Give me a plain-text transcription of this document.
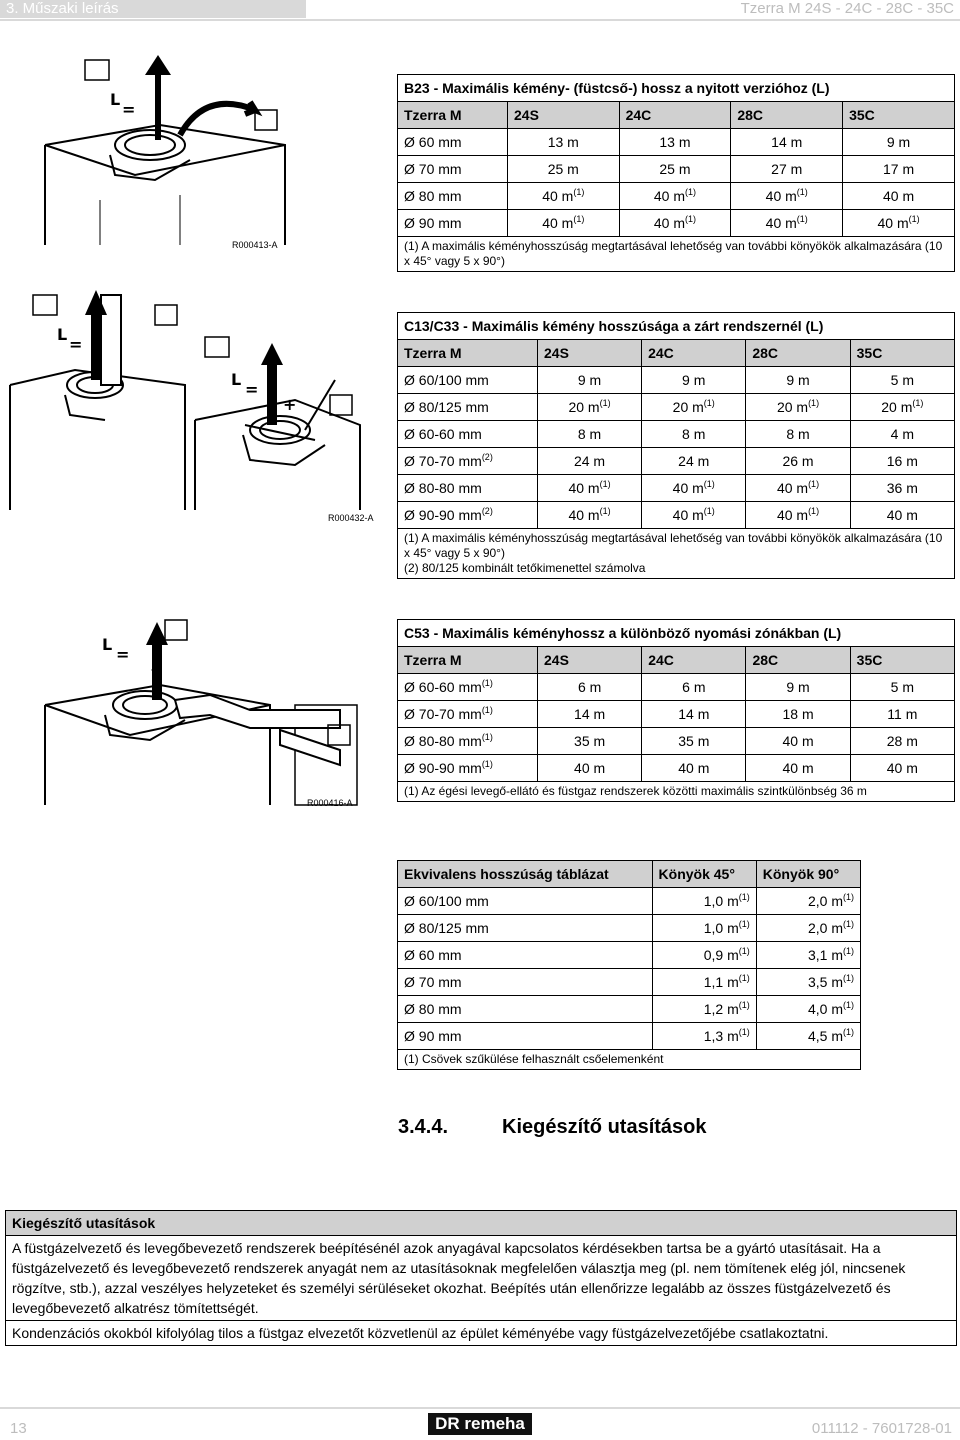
3. Műszaki leírás	Tzerra M 24S - 24C - 28C - 35C
L
=
R000413-A
L
=
L
=
+
R000432-A
L
=
+
R000416-A
B23 - Maximális kémény- (füstcső-) hossz a nyitott verzióhoz (L)				
Tzerra M	24S	24C	28C	35C
Ø 60 mm	13 m	13 m	14 m	9 m
Ø 70 mm	25 m	25 m	27 m	17 m
Ø 80 mm	40 $m^{(1)}$	40 $m^{(1)}$	40 $m^{(1)}$	40 m
Ø 90 mm	40 $m^{(1)}$	40 $m^{(1)}$	40 $m^{(1)}$	40 $m^{(1)}$
(1) A maximális kéményhosszúság megtartásával lehetőség van további könyökök alkalmazására (10 x 45° vagy 5 x 90°)				
C13/C33 - Maximális kémény hosszúsága a zárt rendszernél (L)				
Tzerra M	24S	24C	28C	35C
Ø 60/100 mm	9 m	9 m	9 m	5 m
Ø 80/125 mm	20 $m^{(1)}$	20 $m^{(1)}$	20 $m^{(1)}$	20 $m^{(1)}$
Ø 60-60 mm	8 m	8 m	8 m	4 m
Ø 70-70 $mm^{(2)}$	24 m	24 m	26 m	16 m
Ø 80-80 mm	40 $m^{(1)}$	40 $m^{(1)}$	40 $m^{(1)}$	36 m
Ø 90-90 $mm^{(2)}$	40 $m^{(1)}$	40 $m^{(1)}$	40 $m^{(1)}$	40 m

(1) A maximális kéményhosszúság megtartásával lehetőség van további könyökök alkalmazására (10 x 45° vagy 5 x 90°)
(2) 80/125 kombinált tetőkimenettel számolva				
C53 - Maximális kéményhossz a különböző nyomási zónákban (L)				
Tzerra M	24S	24C	28C	35C
Ø 60-60 $mm^{(1)}$	6 m	6 m	9 m	5 m
Ø 70-70 $mm^{(1)}$	14 m	14 m	18 m	11 m
Ø 80-80 $mm^{(1)}$	35 m	35 m	40 m	28 m
Ø 90-90 $mm^{(1)}$	40 m	40 m	40 m	40 m
(1) Az égési levegő-ellátó és füstgaz rendszerek közötti maximális szintkülönbség 36 m				
Ekvivalens hosszúság táblázat	Könyök 45°	Könyök 90°
Ø 60/100 mm	1,0 $m^{(1)}$	2,0 $m^{(1)}$
Ø 80/125 mm	1,0 $m^{(1)}$	2,0 $m^{(1)}$
Ø 60 mm	0,9 $m^{(1)}$	3,1 $m^{(1)}$
Ø 70 mm	1,1 $m^{(1)}$	3,5 $m^{(1)}$
Ø 80 mm	1,2 $m^{(1)}$	4,0 $m^{(1)}$
Ø 90 mm	1,3 $m^{(1)}$	4,5 $m^{(1)}$
(1) Csövek szűkülése felhasznált csőelemenként		
3.4.4.	Kiegészítő utasítások
Kiegészítő utasítások
A füstgázelvezető és levegőbevezető rendszerek beépítésénél azok anyagával kapcsolatos kérdésekben tartsa be a gyártó utasításait. Ha a füstgázelvezető és levegőbevezető rendszerek anyagát nem az utasításoknak megfelelően választja meg (pl. nem tömítenek elég jól, nincsenek rögzítve, stb.), azzal veszélyes helyzeteket és személyi sérüléseket okozhat. Beépítés után ellenőrizze legalább az összes füstgázelvezető és levegőbevezető alkatrész tömítettségét.
Kondenzációs okokból kifolyólag tilos a füstgaz elvezetőt közvetlenül az épület kéményébe vagy füstgázelvezetőjébe csatlakoztatni.
13	DR remeha	011112 - 7601728-01
